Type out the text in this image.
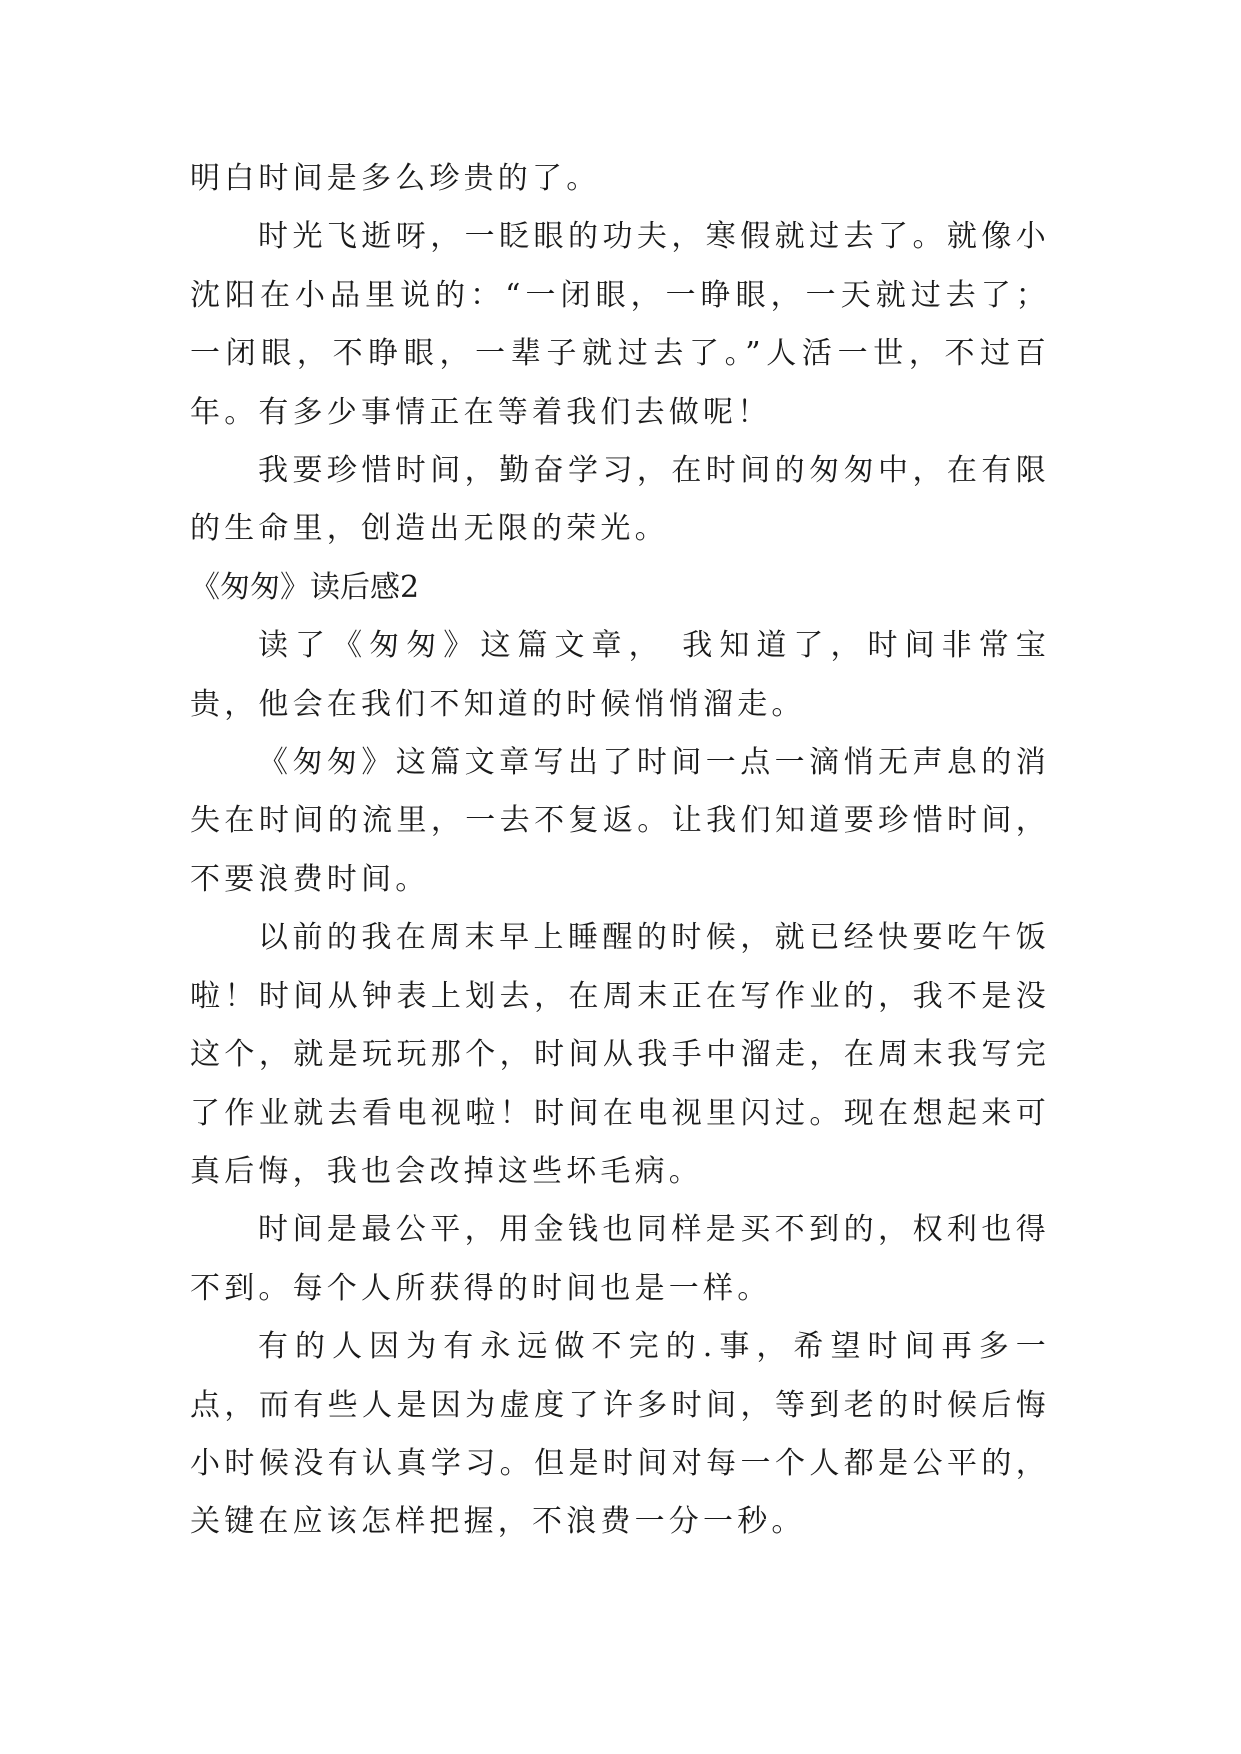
明白时间是多么珍贵的了。

时光飞逝呀，一眨眼的功夫，寒假就过去了。就像小沈阳在小品里说的：“一闭眼，一睁眼，一天就过去了；一闭眼，不睁眼，一辈子就过去了。”人活一世，不过百年。有多少事情正在等着我们去做呢！

我要珍惜时间，勤奋学习，在时间的匆匆中，在有限的生命里，创造出无限的荣光。

《匆匆》读后感2

读了《匆匆》这篇文章， 我知道了，时间非常宝贵，他会在我们不知道的时候悄悄溜走。

《匆匆》这篇文章写出了时间一点一滴悄无声息的消失在时间的流里，一去不复返。让我们知道要珍惜时间，不要浪费时间。

以前的我在周末早上睡醒的时候，就已经快要吃午饭啦！时间从钟表上划去，在周末正在写作业的，我不是没这个，就是玩玩那个，时间从我手中溜走，在周末我写完了作业就去看电视啦！时间在电视里闪过。现在想起来可真后悔，我也会改掉这些坏毛病。

时间是最公平，用金钱也同样是买不到的，权利也得不到。每个人所获得的时间也是一样。

有的人因为有永远做不完的.事，希望时间再多一点，而有些人是因为虚度了许多时间，等到老的时候后悔小时候没有认真学习。但是时间对每一个人都是公平的，关键在应该怎样把握，不浪费一分一秒。
